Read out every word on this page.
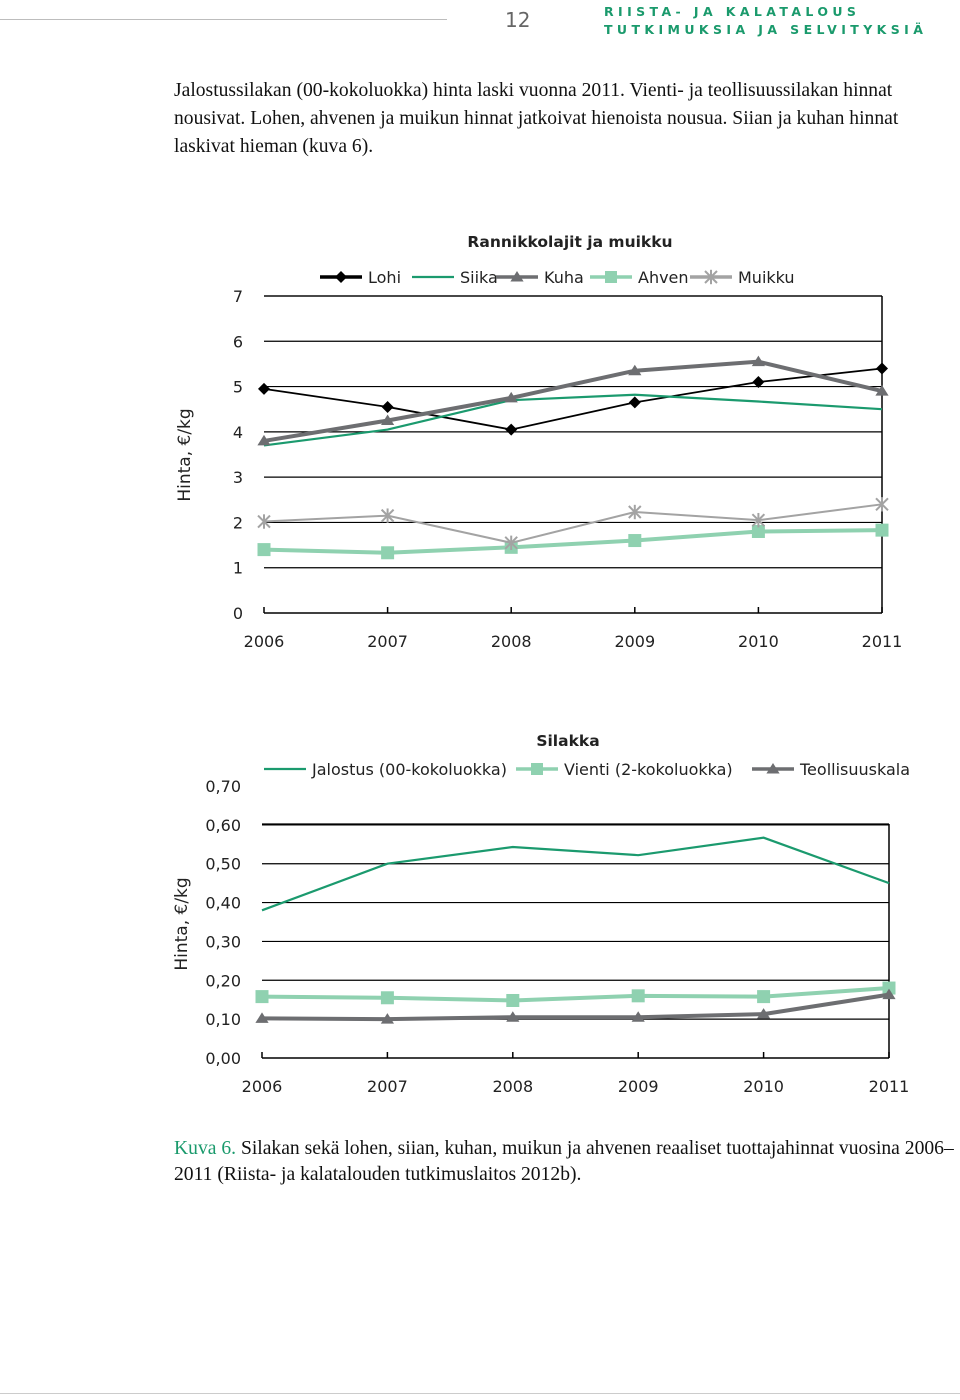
12	RIISTA- JA KALATALOUS
TUTKIMUKSIA JA SELVITYKSIÄ
Jalostussilakan (00-kokoluokka) hinta laski vuonna 2011. Vienti- ja teollisuussilakan hinnat
nousivat. Lohen, ahvenen ja muikun hinnat jatkoivat hienoista nousua. Siian ja kuhan hinnat
laskivat hieman (kuva 6).
0
1
2
3
4
5
6
7
2006	2007	2008	2009	2010	2011
Rannikkolajit ja muikku
Hinta, €/kg
Lohi	Siika	Kuha	Ahven	Muikku
0,00
0,10
0,20
0,30
0,40
0,50
0,60
0,70
2006	2007	2008	2009	2010	2011
Silakka
Hinta, €/kg
Jalostus (00-kokoluokka)	Vienti (2-kokoluokka)	Teollisuuskala
Kuva 6. Silakan sekä lohen, siian, kuhan, muikun ja ahvenen reaaliset tuottajahinnat vuosina 2006–
2011 (Riista- ja kalatalouden tutkimuslaitos 2012b).
